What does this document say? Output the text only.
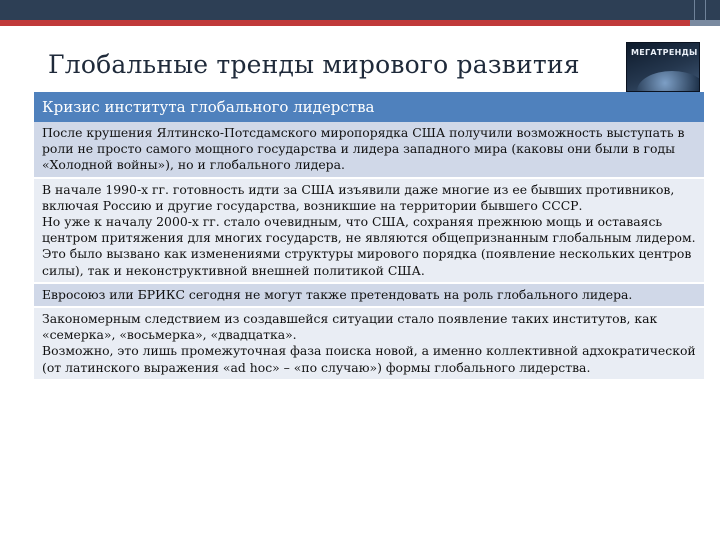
Глобальные тренды мирового развития	МЕГАТРЕНДЫ
Кризис института глобального лидерства

После крушения Ялтинско-Потсдамского миропорядка США получили возможность выступать в роли не просто самого мощного государства и лидера западного мира (каковы они были в годы «Холодной войны»), но и глобального лидера.

В начале 1990-х гг. готовность идти за США изъявили даже многие из ее бывших противников, включая Россию и другие государства, возникшие на территории бывшего СССР.

Но уже к началу 2000-х гг. стало очевидным, что США, сохраняя прежнюю мощь и оставаясь центром притяжения для многих государств, не являются общепризнанным глобальным лидером.

Это было вызвано как изменениями структуры мирового порядка (появление нескольких центров силы), так и неконструктивной внешней политикой США.

Евросоюз или БРИКС сегодня не могут также претендовать на роль глобального лидера.

Закономерным следствием из создавшейся ситуации стало появление таких институтов, как «семерка», «восьмерка», «двадцатка».

Возможно, это лишь промежуточная фаза поиска новой, а именно коллективной адхократической (от латинского выражения «ad hoc» – «по случаю») формы глобального лидерства.
